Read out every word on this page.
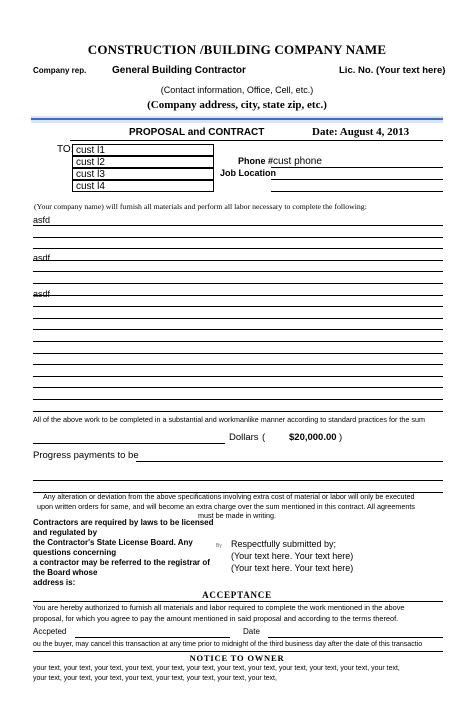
CONSTRUCTION /BUILDING COMPANY NAME
Company rep.	General Building Contractor	Lic. No. (Your text here)
(Contact information, Office, Cell, etc.)
(Company address, city, state zip, etc.)
PROPOSAL and CONTRACT	Date: August 4, 2013
TO: cust l1
cust l2
cust l3
cust l4
Phone # cust phone
Job Location
(Your company name) will furnish all materials and perform all labor necessary to complete the following:
asfd
asdf
asdf
All of the above work to be completed in a substantial and workmanlike manner according to standard practices for the sum
Dollars (	$20,000.00 )
Progress payments to be
Any alteration or deviation from the above specifications involving extra cost of material or labor will only be executed
upon written orders for same, and will become an extra charge over the sum mentioned in this contract. All agreements
must be made in writing.
Contractors are required by laws to be licensed
and regulated by
the Contractor's State License Board. Any
questions concerning
a contractor may be referred to the registrar of
the Board whose
address is:
Respectfully submitted by;
By
(Your text here. Your text here)
(Your text here. Your text here)
ACCEPTANCE
You are hereby authorized to furnish all materials and labor required to complete the work mentioned in the above
proposal, for which you agree to pay the amount mentioned in said proposal and according to the terms thereof.
Accpeted	Date
ou the buyer, may cancel this transaction at any time prior to midnight of the third business day after the date of this transactio
NOTICE TO OWNER
your text, your text, your text, your text, your text, your text, your text, your text, your text, your text, your text, your text,
your text, your text, your text, your text, your text, your text, your text, your text,
